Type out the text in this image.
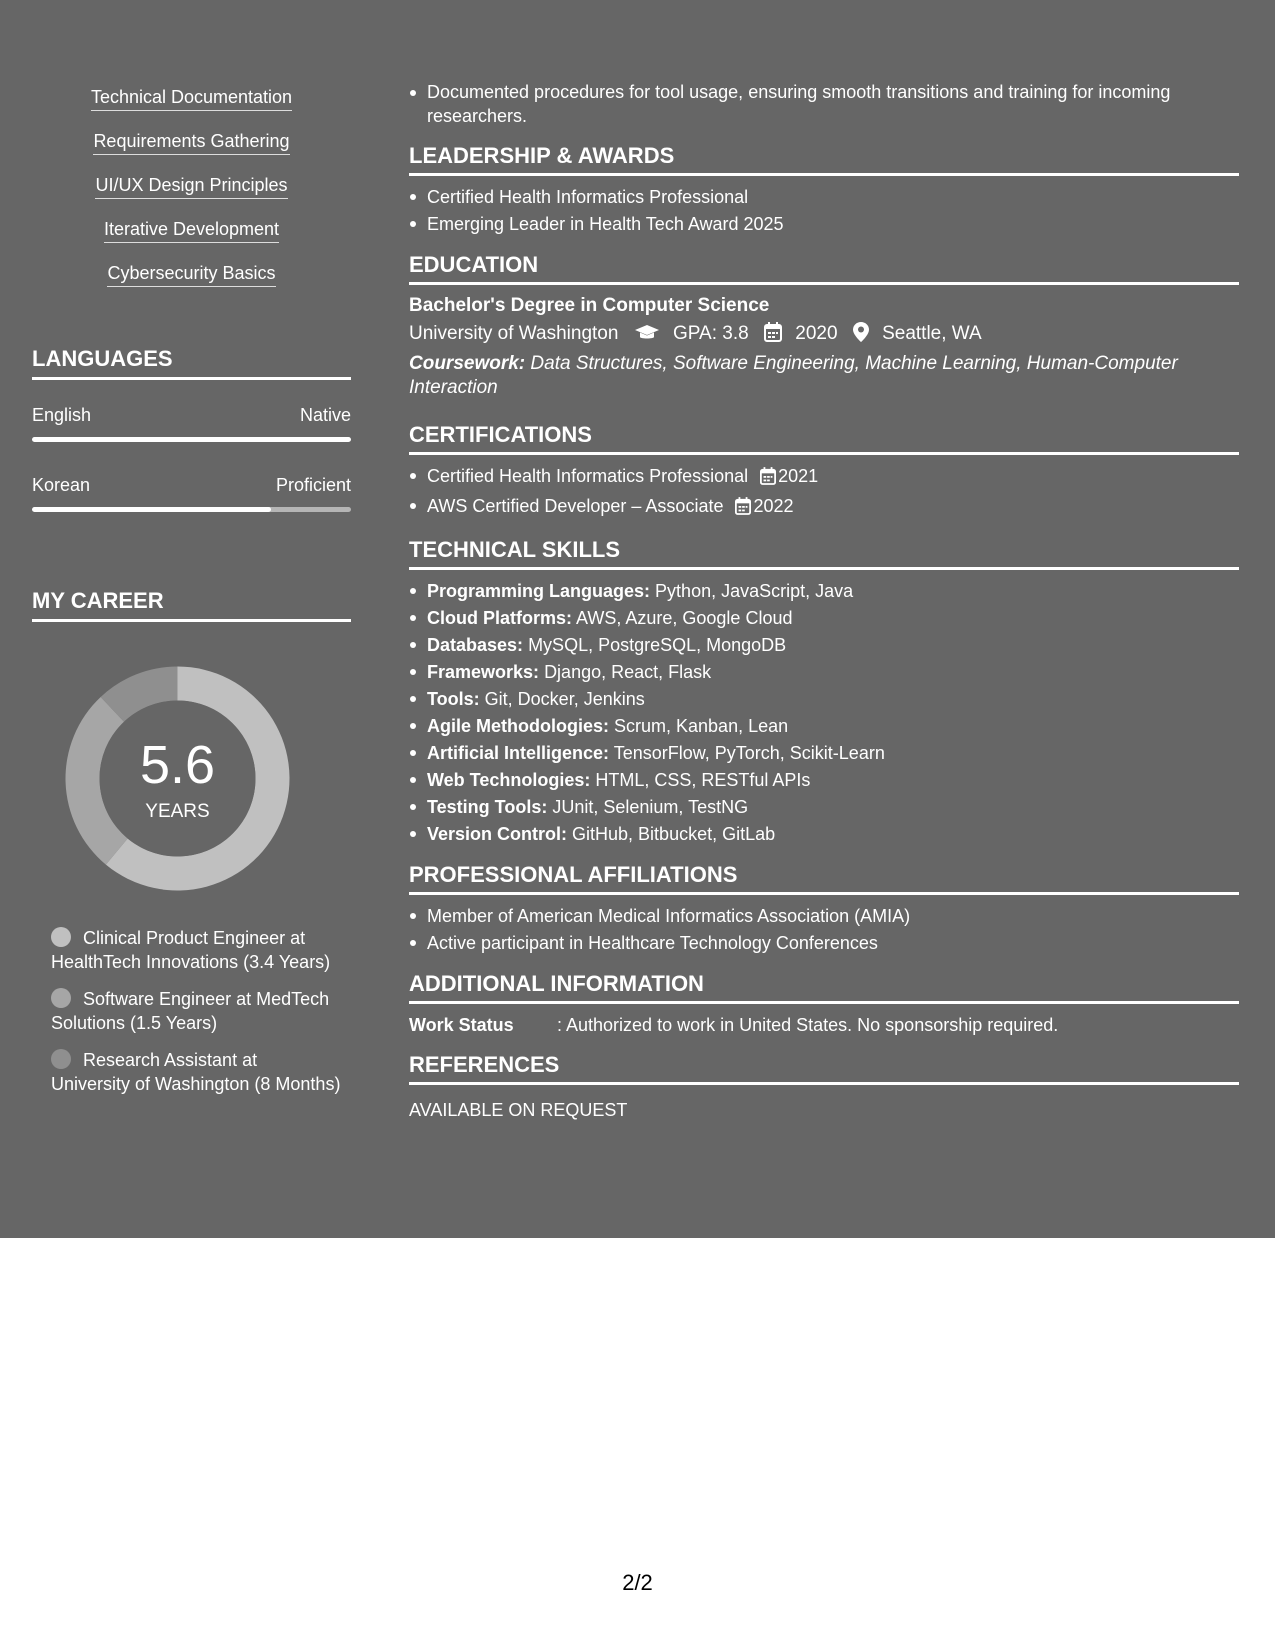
Technical Documentation
Requirements Gathering
UI/UX Design Principles
Iterative Development
Cybersecurity Basics
LANGUAGES
English	Native
Korean	Proficient
MY CAREER
5.6
YEARS
Clinical Product Engineer at HealthTech Innovations (3.4 Years)
Software Engineer at MedTech Solutions (1.5 Years)
Research Assistant at University of Washington (8 Months)
Documented procedures for tool usage, ensuring smooth transitions and training for incoming researchers.
LEADERSHIP & AWARDS
Certified Health Informatics Professional
Emerging Leader in Health Tech Award 2025
EDUCATION
Bachelor's Degree in Computer Science
University of Washington	GPA: 3.8 2020 Seattle, WA
Coursework: Data Structures, Software Engineering, Machine Learning, Human-Computer Interaction
CERTIFICATIONS
Certified Health Informatics Professional 2021
AWS Certified Developer – Associate 2022
TECHNICAL SKILLS
Programming Languages: Python, JavaScript, Java
Cloud Platforms: AWS, Azure, Google Cloud
Databases: MySQL, PostgreSQL, MongoDB
Frameworks: Django, React, Flask
Tools: Git, Docker, Jenkins
Agile Methodologies: Scrum, Kanban, Lean
Artificial Intelligence: TensorFlow, PyTorch, Scikit-Learn
Web Technologies: HTML, CSS, RESTful APIs
Testing Tools: JUnit, Selenium, TestNG
Version Control: GitHub, Bitbucket, GitLab
PROFESSIONAL AFFILIATIONS
Member of American Medical Informatics Association (AMIA)
Active participant in Healthcare Technology Conferences
ADDITIONAL INFORMATION
Work Status : Authorized to work in United States. No sponsorship required.
REFERENCES
AVAILABLE ON REQUEST
2/2
